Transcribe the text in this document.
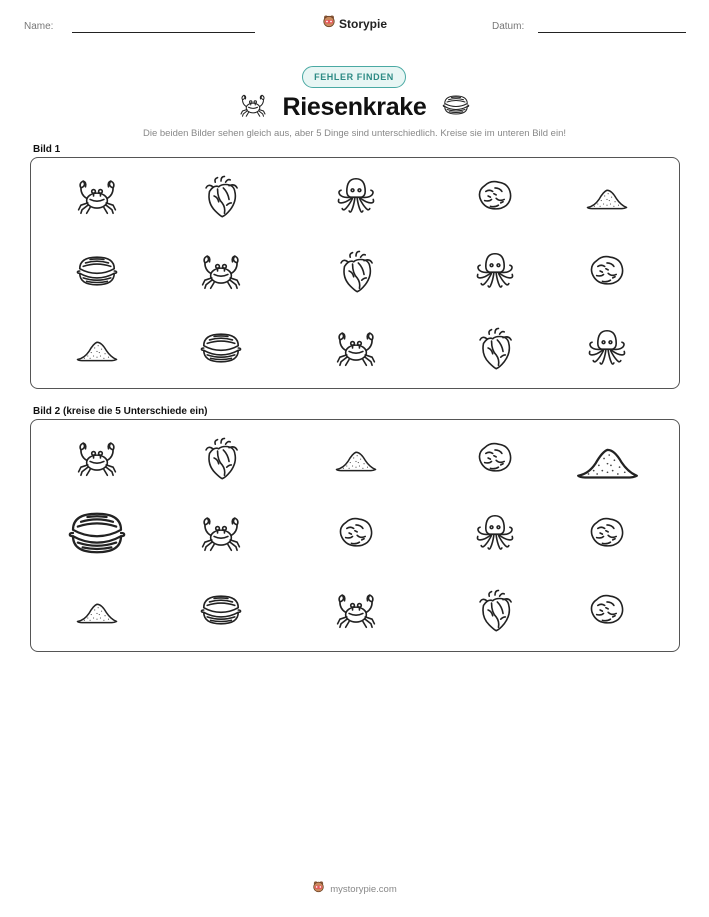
Name:	Storypie	Datum:
FEHLER FINDEN
Riesenkrake
Die beiden Bilder sehen gleich aus, aber 5 Dinge sind unterschiedlich. Kreise sie im unteren Bild ein!
Bild 1
Bild 2 (kreise die 5 Unterschiede ein)
mystorypie.com
